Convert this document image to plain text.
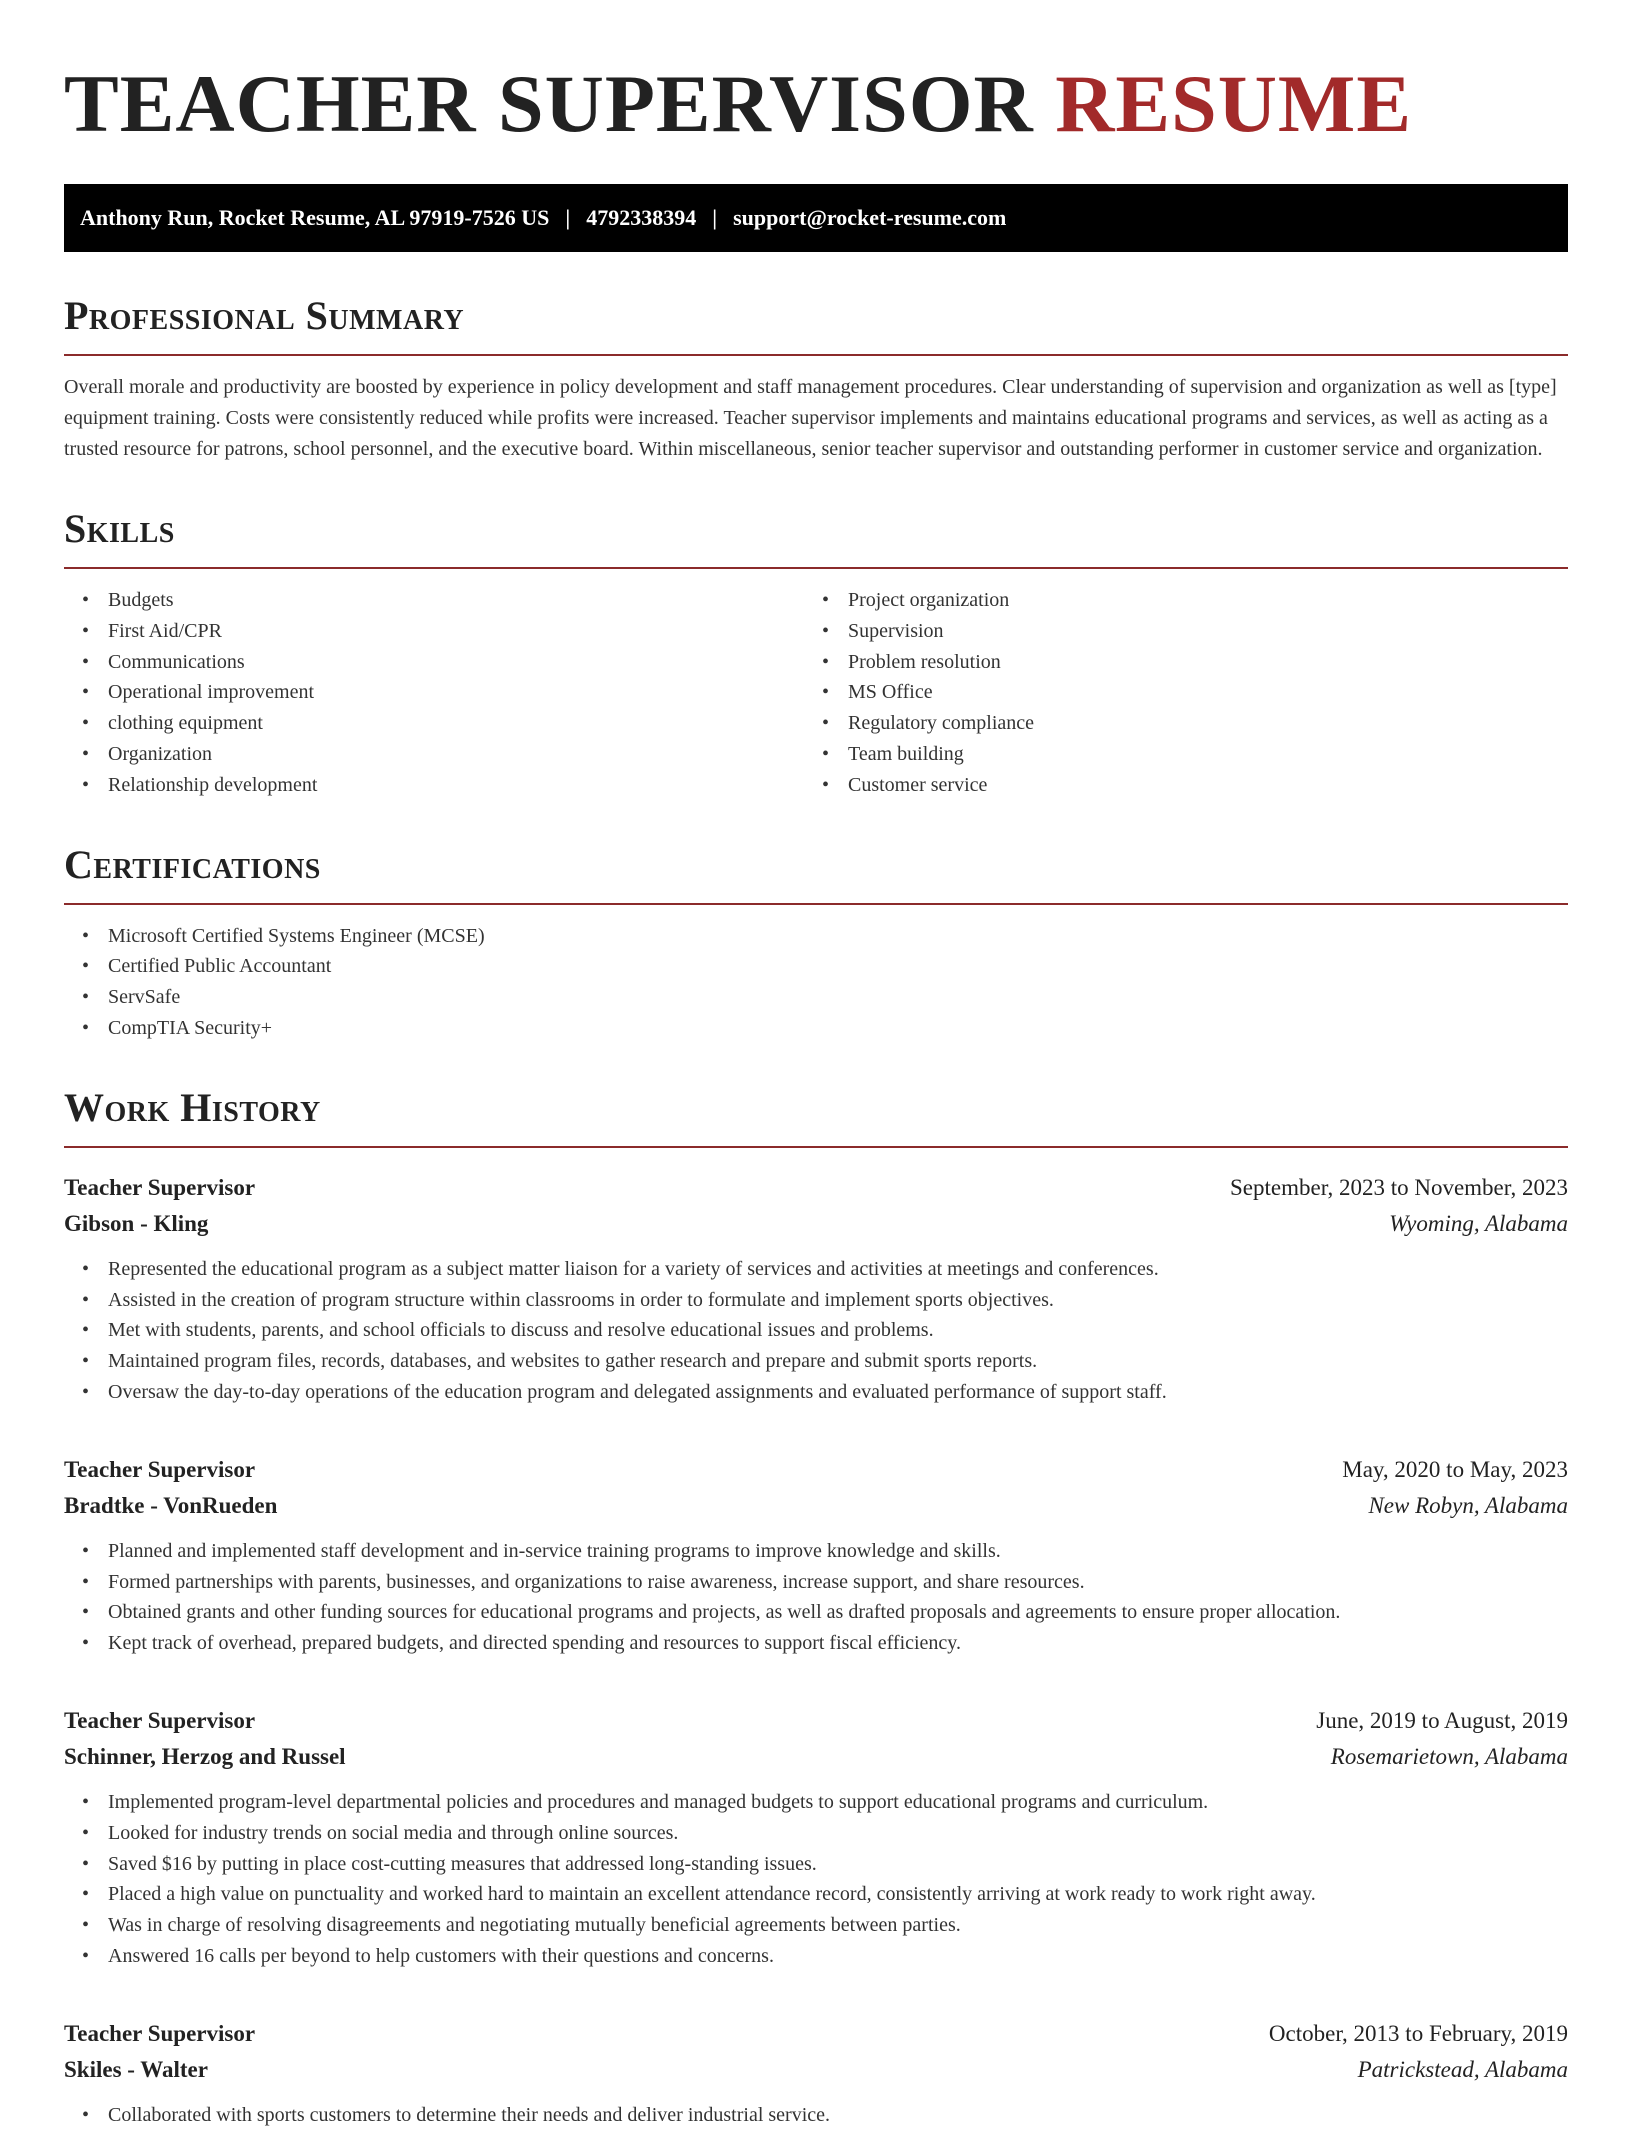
TEACHER SUPERVISOR RESUME
Anthony Run, Rocket Resume, AL 97919-7526 US | 4792338394 | support@rocket-resume.com
Professional Summary

Overall morale and productivity are boosted by experience in policy development and staff management procedures. Clear understanding of supervision and organization as well as [type] equipment training. Costs were consistently reduced while profits were increased. Teacher supervisor implements and maintains educational programs and services, as well as acting as a trusted resource for patrons, school personnel, and the executive board. Within miscellaneous, senior teacher supervisor and outstanding performer in customer service and organization.

Skills
• Budgets
• First Aid/CPR
• Communications
• Operational improvement
• clothing equipment
• Organization
• Relationship development
• Project organization
• Supervision
• Problem resolution
• MS Office
• Regulatory compliance
• Team building
• Customer service
Certifications
• Microsoft Certified Systems Engineer (MCSE)
• Certified Public Accountant
• ServSafe
• CompTIA Security+
Work History
Teacher Supervisor	September, 2023 to November, 2023
Gibson - Kling	Wyoming, Alabama
• Represented the educational program as a subject matter liaison for a variety of services and activities at meetings and conferences.
• Assisted in the creation of program structure within classrooms in order to formulate and implement sports objectives.
• Met with students, parents, and school officials to discuss and resolve educational issues and problems.
• Maintained program files, records, databases, and websites to gather research and prepare and submit sports reports.
• Oversaw the day-to-day operations of the education program and delegated assignments and evaluated performance of support staff.
Teacher Supervisor	May, 2020 to May, 2023
Bradtke - VonRueden	New Robyn, Alabama
• Planned and implemented staff development and in-service training programs to improve knowledge and skills.
• Formed partnerships with parents, businesses, and organizations to raise awareness, increase support, and share resources.
• Obtained grants and other funding sources for educational programs and projects, as well as drafted proposals and agreements to ensure proper allocation.
• Kept track of overhead, prepared budgets, and directed spending and resources to support fiscal efficiency.
Teacher Supervisor	June, 2019 to August, 2019
Schinner, Herzog and Russel	Rosemarietown, Alabama
• Implemented program-level departmental policies and procedures and managed budgets to support educational programs and curriculum.
• Looked for industry trends on social media and through online sources.
• Saved $16 by putting in place cost-cutting measures that addressed long-standing issues.
• Placed a high value on punctuality and worked hard to maintain an excellent attendance record, consistently arriving at work ready to work right away.
• Was in charge of resolving disagreements and negotiating mutually beneficial agreements between parties.
• Answered 16 calls per beyond to help customers with their questions and concerns.
Teacher Supervisor	October, 2013 to February, 2019
Skiles - Walter	Patrickstead, Alabama
• Collaborated with sports customers to determine their needs and deliver industrial service.
